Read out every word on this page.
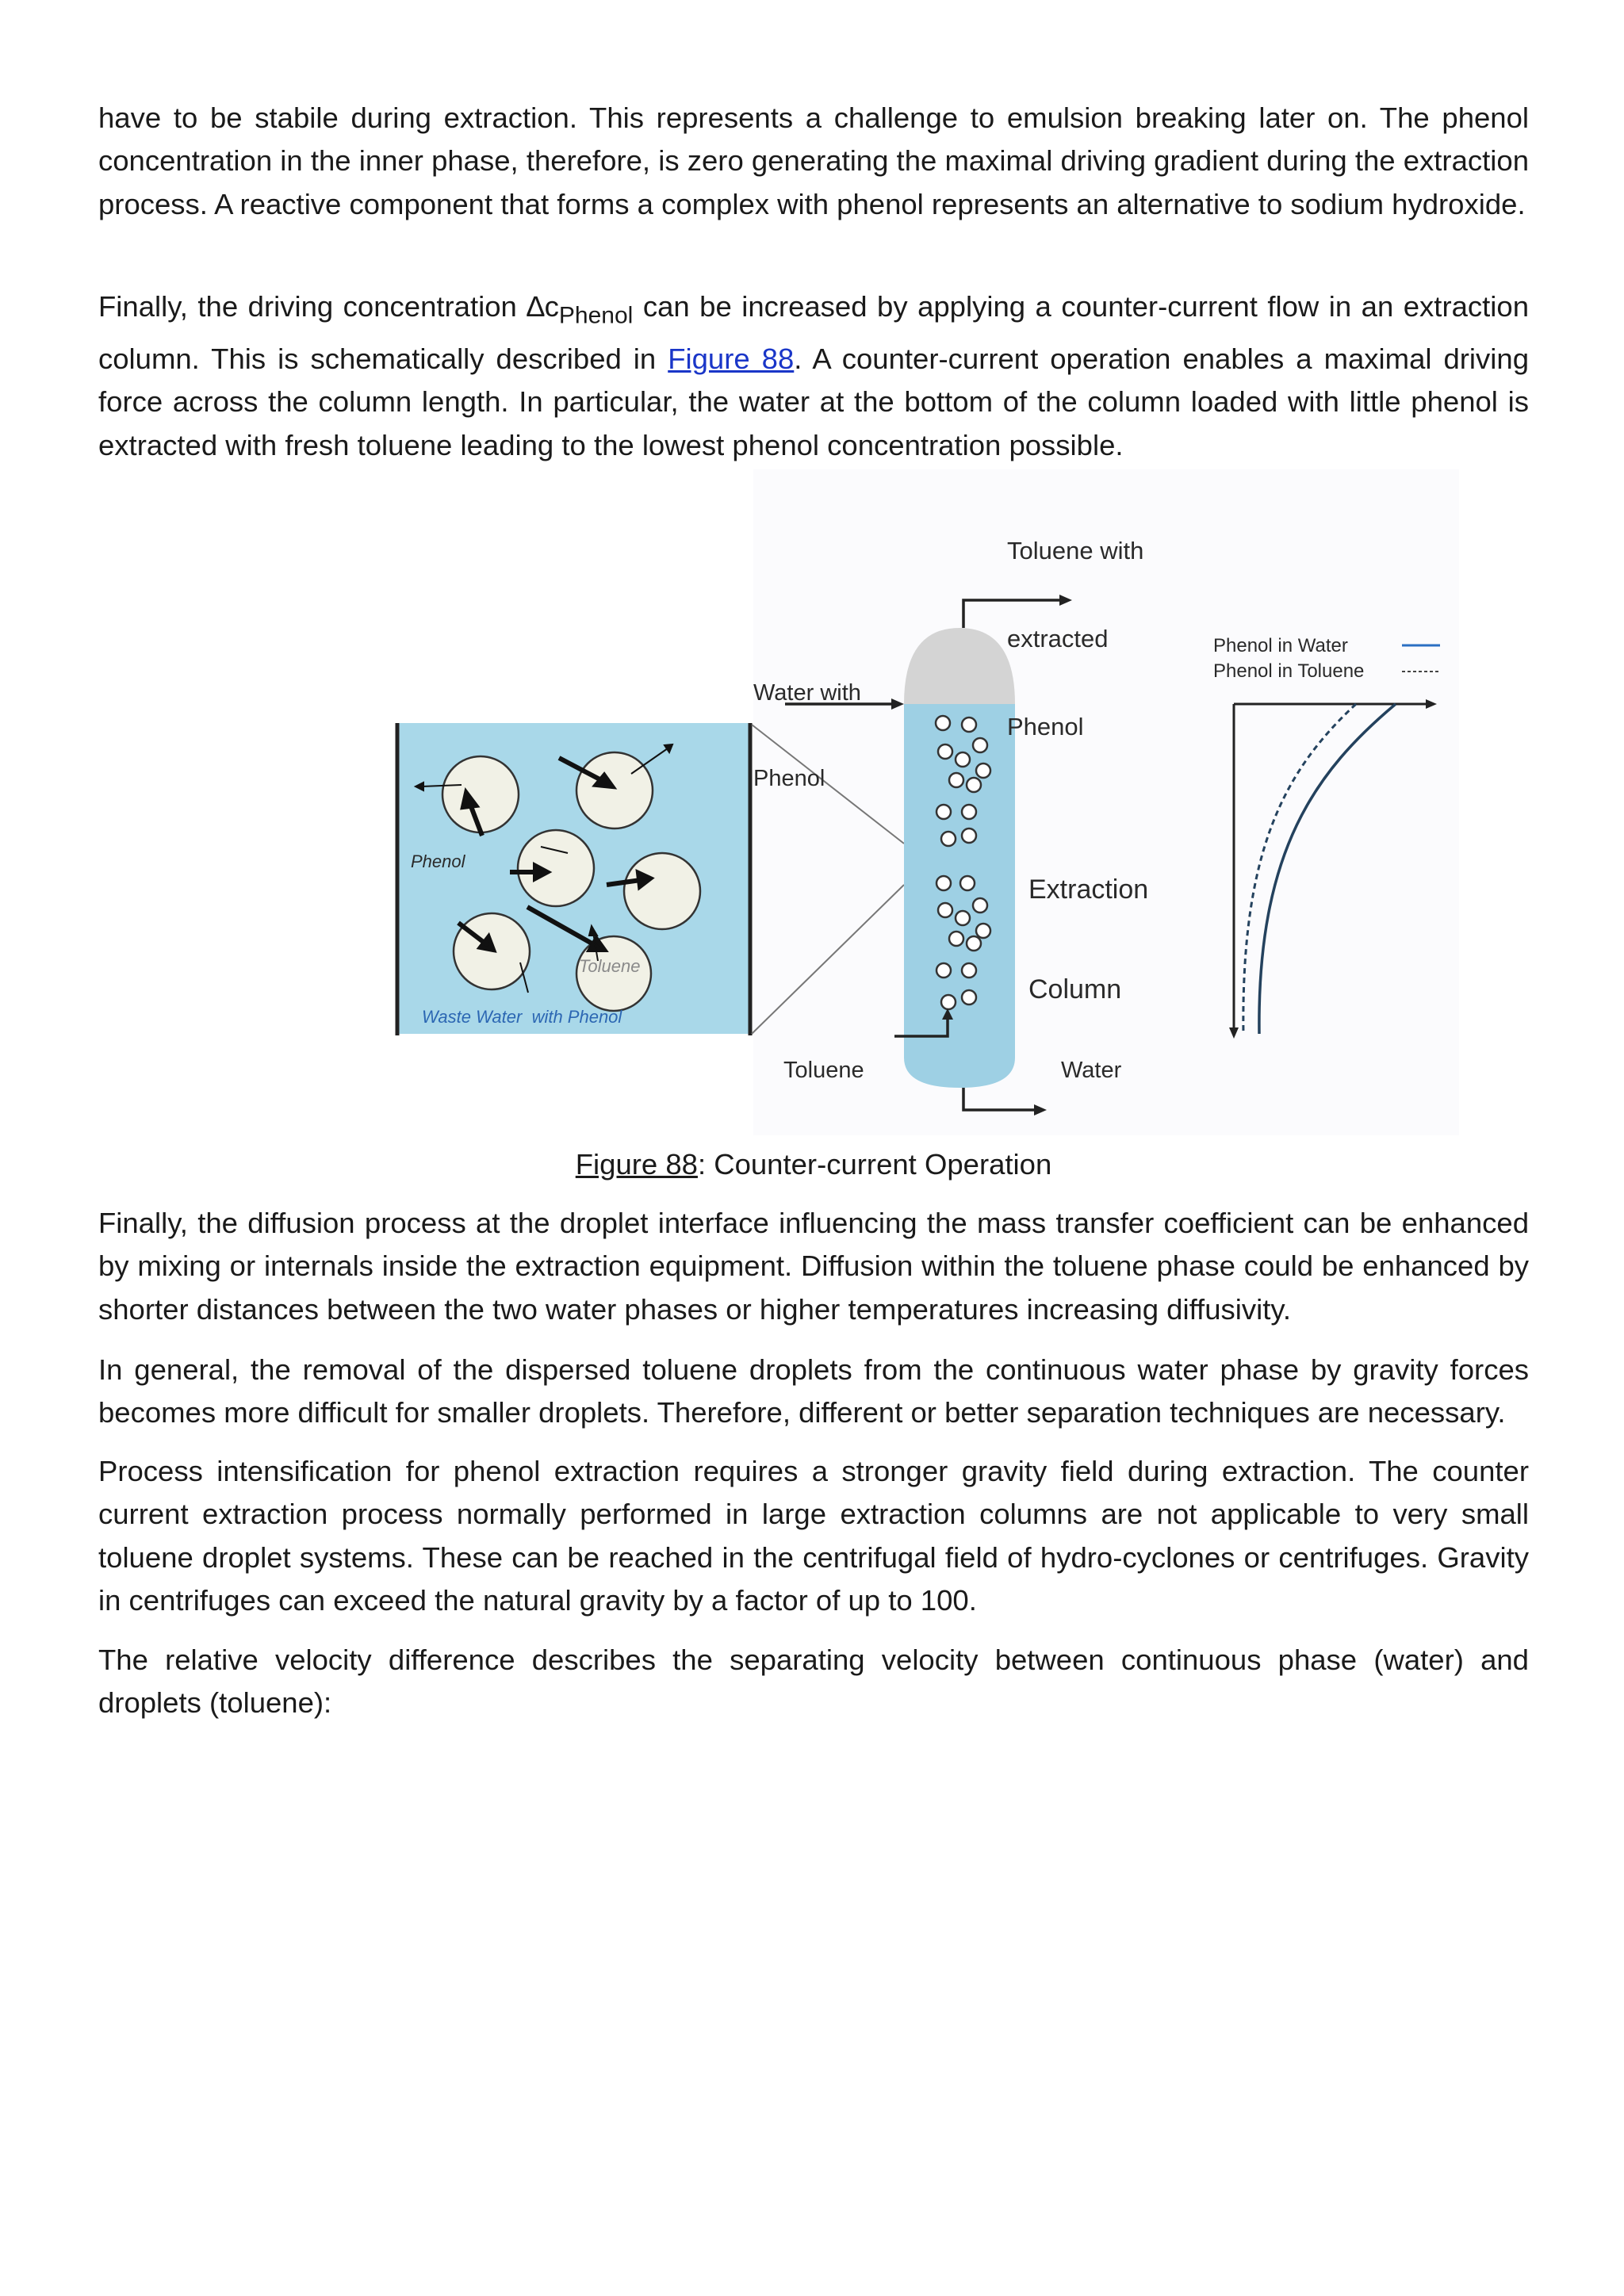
have to be stabile during extraction. This represents a challenge to emulsion breaking later on. The phenol concentration in the inner phase, therefore, is zero generating the maximal driving gradient during the extraction process. A reactive component that forms a complex with phenol represents an alternative to sodium hydroxide.

Finally, the driving concentration $\Delta c_{Phenol}$ can be increased by applying a counter-current flow in an extraction column. This is schematically described in Figure 88. A counter-current operation enables a maximal driving force across the column length. In particular, the water at the bottom of the column loaded with little phenol is extracted with fresh toluene leading to the lowest phenol concentration possible.

Toluene with

extracted

Phenol

Water with

Phenol

Extraction

Column

Toluene	Water
Phenol
Toluene
Waste Water  with Phenol
Phenol in Water
Phenol in Toluene

Figure 88: Counter-current Operation

Finally, the diffusion process at the droplet interface influencing the mass transfer coefficient can be enhanced by mixing or internals inside the extraction equipment. Diffusion within the toluene phase could be enhanced by shorter distances between the two water phases or higher temperatures increasing diffusivity.

In general, the removal of the dispersed toluene droplets from the continuous water phase by gravity forces becomes more difficult for smaller droplets. Therefore, different or better separation techniques are necessary.

Process intensification for phenol extraction requires a stronger gravity field during extraction. The counter current extraction process normally performed in large extraction columns are not applicable to very small toluene droplet systems. These can be reached in the centrifugal field of hydro-cyclones or centrifuges. Gravity in centrifuges can exceed the natural gravity by a factor of up to 100.

The relative velocity difference describes the separating velocity between continuous phase (water) and droplets (toluene):
